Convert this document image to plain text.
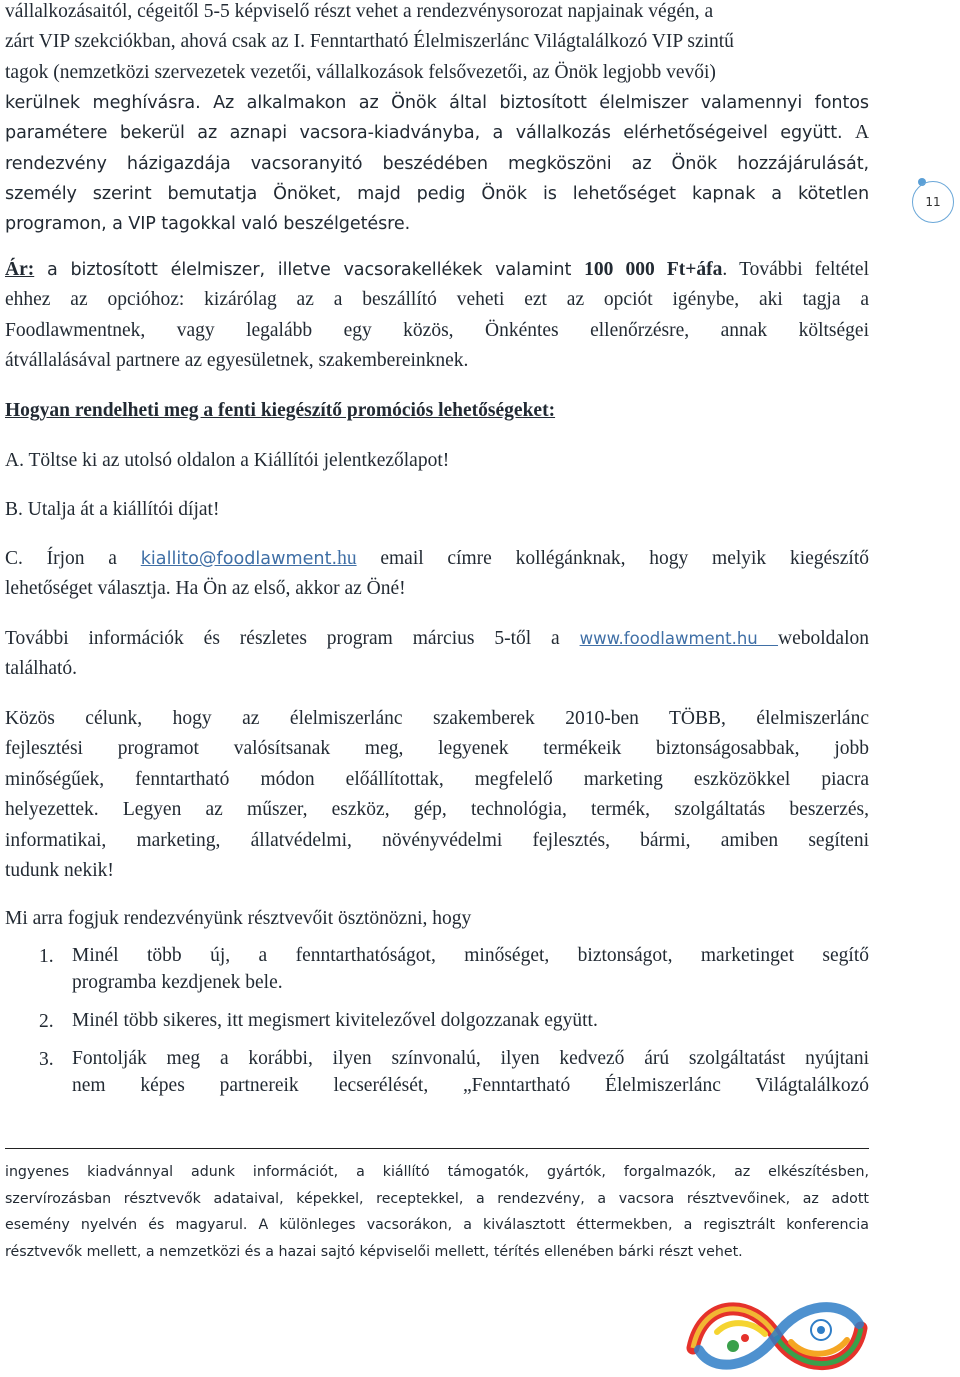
vállalkozásaitól, cégeitől 5-5 képviselő részt vehet a rendezvénysorozat napjainak végén, a

zárt VIP szekciókban, ahová csak az I. Fenntartható Élelmiszerlánc Világtalálkozó VIP szintű

tagok (nemzetközi szervezetek vezetői, vállalkozások felsővezetői, az Önök legjobb vevői)

kerülnek meghívásra. Az alkalmakon az Önök által biztosított élelmiszer valamennyi fontos

paramétere bekerül az aznapi vacsora-kiadványba, a vállalkozás elérhetőségeivel együtt. A

rendezvény házigazdája vacsoranyitó beszédében megköszöni az Önök hozzájárulását,

személy szerint bemutatja Önöket, majd pedig Önök is lehetőséget kapnak a kötetlen

programon, a VIP tagokkal való beszélgetésre.

Ár: a biztosított élelmiszer, illetve vacsorakellékek valamint 100 000 Ft+áfa. További feltétel

ehhez az opcióhoz: kizárólag az a beszállító veheti ezt az opciót igénybe, aki tagja a

Foodlawmentnek, vagy legalább egy közös, Önkéntes ellenőrzésre, annak költségei

átvállalásával partnere az egyesületnek, szakembereinknek.

Hogyan rendelheti meg a fenti kiegészítő promóciós lehetőségeket:

A. Töltse ki az utolsó oldalon a Kiállítói jelentkezőlapot!

B. Utalja át a kiállítói díjat!

C. Írjon a kiallito@foodlawment.hu email címre kollégánknak, hogy melyik kiegészítő

lehetőséget választja. Ha Ön az első, akkor az Öné!

További információk és részletes program március 5-től a www.foodlawment.hu weboldalon

található.

Közös célunk, hogy az élelmiszerlánc szakemberek 2010-ben TÖBB, élelmiszerlánc

fejlesztési programot valósítsanak meg, legyenek termékeik biztonságosabbak, jobb

minőségűek, fenntartható módon előállítottak, megfelelő marketing eszközökkel piacra

helyezettek. Legyen az műszer, eszköz, gép, technológia, termék, szolgáltatás beszerzés,

informatikai, marketing, állatvédelmi, növényvédelmi fejlesztés, bármi, amiben segíteni

tudunk nekik!

Mi arra fogjuk rendezvényünk résztvevőit ösztönözni, hogy

1. Minél több új, a fenntarthatóságot, minőséget, biztonságot, marketinget segítő

programba kezdjenek bele.

2. Minél több sikeres, itt megismert kivitelezővel dolgozzanak együtt.

3. Fontolják meg a korábbi, ilyen színvonalú, ilyen kedvező árú szolgáltatást nyújtani

nem képes partnereik lecserélését, „Fenntartható Élelmiszerlánc Világtalálkozó

ingyenes kiadvánnyal adunk információt, a kiállító támogatók, gyártók, forgalmazók, az elkészítésben,

szervírozásban résztvevők adataival, képekkel, receptekkel, a rendezvény, a vacsora résztvevőinek, az adott

esemény nyelvén és magyarul. A különleges vacsorákon, a kiválasztott éttermekben, a regisztrált konferencia

résztvevők mellett, a nemzetközi és a hazai sajtó képviselői mellett, térítés ellenében bárki részt vehet.

11
